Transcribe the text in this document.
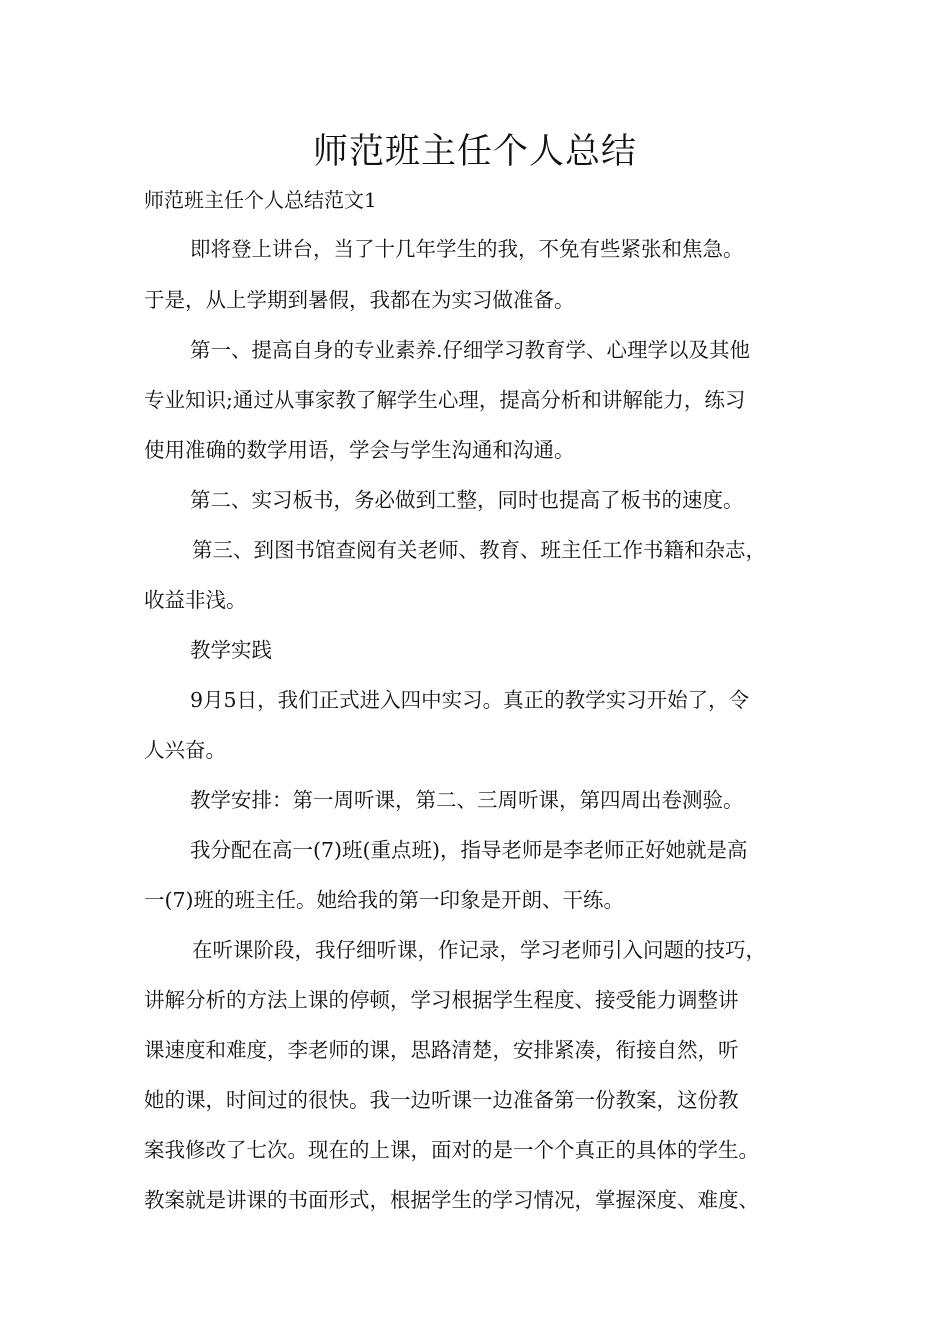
师范班主任个人总结

师范班主任个人总结范文1

即将登上讲台，当了十几年学生的我，不免有些紧张和焦急。

于是，从上学期到暑假，我都在为实习做准备。

第一、提高自身的专业素养.仔细学习教育学、心理学以及其他

专业知识;通过从事家教了解学生心理，提高分析和讲解能力，练习

使用准确的数学用语，学会与学生沟通和沟通。

第二、实习板书，务必做到工整，同时也提高了板书的速度。

第三、到图书馆查阅有关老师、教育、班主任工作书籍和杂志，

收益非浅。

教学实践

9月5日，我们正式进入四中实习。真正的教学实习开始了，令

人兴奋。

教学安排：第一周听课，第二、三周听课，第四周出卷测验。

我分配在高一(7)班(重点班)，指导老师是李老师正好她就是高

一(7)班的班主任。她给我的第一印象是开朗、干练。

在听课阶段，我仔细听课，作记录，学习老师引入问题的技巧，

讲解分析的方法上课的停顿，学习根据学生程度、接受能力调整讲

课速度和难度，李老师的课，思路清楚，安排紧凑，衔接自然，听

她的课，时间过的很快。我一边听课一边准备第一份教案，这份教

案我修改了七次。现在的上课，面对的是一个个真正的具体的学生。

教案就是讲课的书面形式，根据学生的学习情况，掌握深度、难度、
